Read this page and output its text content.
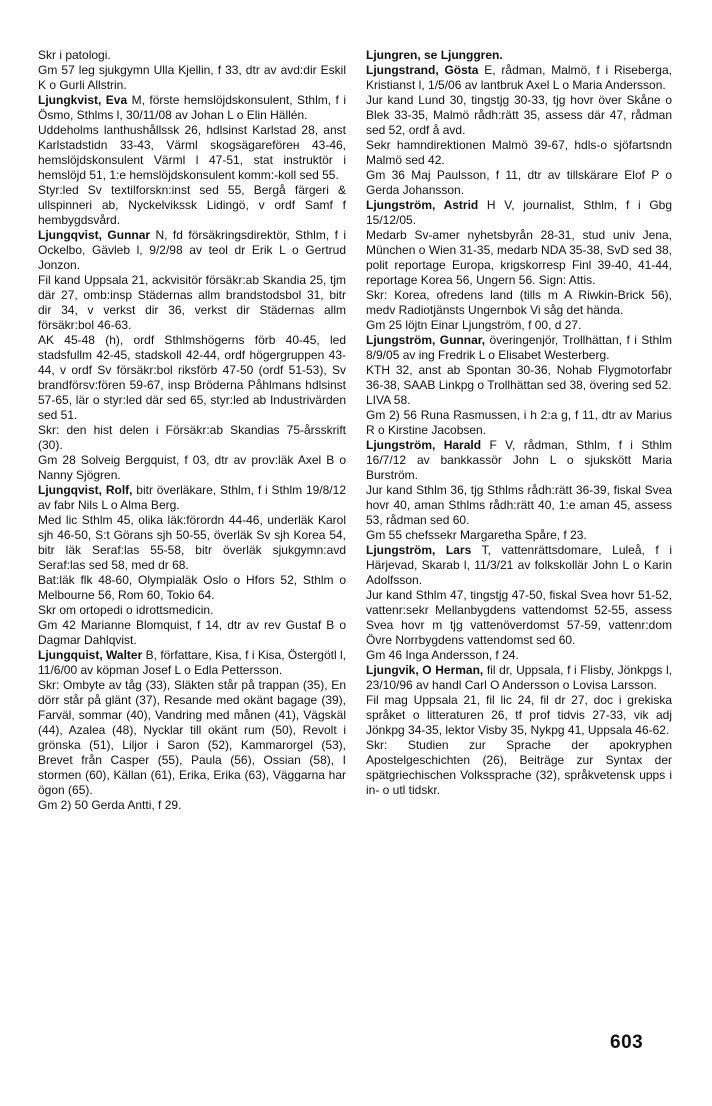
Skr i patologi.

Gm 57 leg sjukgymn Ulla Kjellin, f 33, dtr av avd:dir Eskil K o Gurli Allstrin.

Ljungkvist, Eva M, förste hemslöjdskonsulent, Sthlm, f i Ösmo, Sthlms l, 30/11/08 av Johan L o Elin Hällén.

Uddeholms lanthushållssk 26, hdlsinst Karlstad 28, anst Karlstadstidn 33-43, Värml skogsägareförен 43-46, hemslöjdskonsulent Värml l 47-51, stat instruktör i hemslöjd 51, 1:e hemslöjdskonsulent komm:-koll sed 55.

Styr:led Sv textilforskn:inst sed 55, Bergå färgeri & ullspinneri ab, Nyckelvikssk Lidingö, v ordf Samf f hembygdsvård.

Ljungqvist, Gunnar N, fd försäkringsdirektör, Sthlm, f i Ockelbo, Gävleb l, 9/2/98 av teol dr Erik L o Gertrud Jonzon.

Fil kand Uppsala 21, ackvisitör försäkr:ab Skandia 25, tjm där 27, omb:insp Städernas allm brandstodsbol 31, bitr dir 34, v verkst dir 36, verkst dir Städernas allm försäkr:bol 46-63.

AK 45-48 (h), ordf Sthlmshögerns förb 40-45, led stadsfullm 42-45, stadskoll 42-44, ordf högergruppen 43-44, v ordf Sv försäkr:bol riksförb 47-50 (ordf 51-53), Sv brandförsv:fören 59-67, insp Bröderna Påhlmans hdlsinst 57-65, lär o styr:led där sed 65, styr:led ab Industrivärden sed 51.

Skr: den hist delen i Försäkr:ab Skandias 75-årsskrift (30).

Gm 28 Solveig Bergquist, f 03, dtr av prov:läk Axel B o Nanny Sjögren.

Ljungqvist, Rolf, bitr överläkare, Sthlm, f i Sthlm 19/8/12 av fabr Nils L o Alma Berg.

Med lic Sthlm 45, olika läk:förordn 44-46, underläk Karol sjh 46-50, S:t Görans sjh 50-55, överläk Sv sjh Korea 54, bitr läk Seraf:las 55-58, bitr överläk sjukgymn:avd Seraf:las sed 58, med dr 68.

Bat:läk flk 48-60, Olympialäk Oslo o Hfors 52, Sthlm o Melbourne 56, Rom 60, Tokio 64.

Skr om ortopedi o idrottsmedicin.

Gm 42 Marianne Blomquist, f 14, dtr av rev Gustaf B o Dagmar Dahlqvist.

Ljungquist, Walter B, författare, Kisa, f i Kisa, Östergötl l, 11/6/00 av köpman Josef L o Edla Pettersson.

Skr: Ombyte av tåg (33), Släkten står på trappan (35), En dörr står på glänt (37), Resande med okänt bagage (39), Farväl, sommar (40), Vandring med månen (41), Vägskäl (44), Azalea (48), Nycklar till okänt rum (50), Revolt i grönska (51), Liljor i Saron (52), Kammarorgel (53), Brevet från Casper (55), Paula (56), Ossian (58), I stormen (60), Källan (61), Erika, Erika (63), Väggarna har ögon (65).

Gm 2) 50 Gerda Antti, f 29.

Ljungren, se Ljunggren.

Ljungstrand, Gösta E, rådman, Malmö, f i Riseberga, Kristianst l, 1/5/06 av lantbruk Axel L o Maria Andersson.

Jur kand Lund 30, tingstjg 30-33, tjg hovr över Skåne o Blek 33-35, Malmö rådh:rätt 35, assess där 47, rådman sed 52, ordf å avd.

Sekr hamndirektionen Malmö 39-67, hdls-o sjöfartsndn Malmö sed 42.

Gm 36 Maj Paulsson, f 11, dtr av tillskärare Elof P o Gerda Johansson.

Ljungström, Astrid H V, journalist, Sthlm, f i Gbg 15/12/05.

Medarb Sv-amer nyhetsbyrån 28-31, stud univ Jena, München o Wien 31-35, medarb NDA 35-38, SvD sed 38, polit reportage Europa, krigskorresp Finl 39-40, 41-44, reportage Korea 56, Ungern 56. Sign: Attis.

Skr: Korea, ofredens land (tills m A Riwkin-Brick 56), medv Radiotjänsts Ungernbok Vi såg det hända.

Gm 25 löjtn Einar Ljungström, f 00, d 27.

Ljungström, Gunnar, överingenjör, Trollhättan, f i Sthlm 8/9/05 av ing Fredrik L o Elisabet Westerberg.

KTH 32, anst ab Spontan 30-36, Nohab Flygmotorfabr 36-38, SAAB Linkpg o Trollhättan sed 38, övering sed 52.

LIVA 58.

Gm 2) 56 Runa Rasmussen, i h 2:a g, f 11, dtr av Marius R o Kirstine Jacobsen.

Ljungström, Harald F V, rådman, Sthlm, f i Sthlm 16/7/12 av bankkassör John L o sjukskött Maria Burström.

Jur kand Sthlm 36, tjg Sthlms rådh:rätt 36-39, fiskal Svea hovr 40, aman Sthlms rådh:rätt 40, 1:e aman 45, assess 53, rådman sed 60.

Gm 55 chefssekr Margaretha Spåre, f 23.

Ljungström, Lars T, vattenrättsdomare, Luleå, f i Härjevad, Skarab l, 11/3/21 av folkskollär John L o Karin Adolfsson.

Jur kand Sthlm 47, tingstjg 47-50, fiskal Svea hovr 51-52, vattenr:sekr Mellanbygdens vattendomst 52-55, assess Svea hovr m tjg vattenöverdomst 57-59, vattenr:dom Övre Norrbygdens vattendomst sed 60.

Gm 46 Inga Andersson, f 24.

Ljungvik, O Herman, fil dr, Uppsala, f i Flisby, Jönkpgs l, 23/10/96 av handl Carl O Andersson o Lovisa Larsson.

Fil mag Uppsala 21, fil lic 24, fil dr 27, doc i grekiska språket o litteraturen 26, tf prof tidvis 27-33, vik adj Jönkpg 34-35, lektor Visby 35, Nykpg 41, Uppsala 46-62.

Skr: Studien zur Sprache der apokryphen Apostelgeschichten (26), Beiträge zur Syntax der spätgriechischen Volkssprache (32), språkvetensk upps i in- o utl tidskr.

603
